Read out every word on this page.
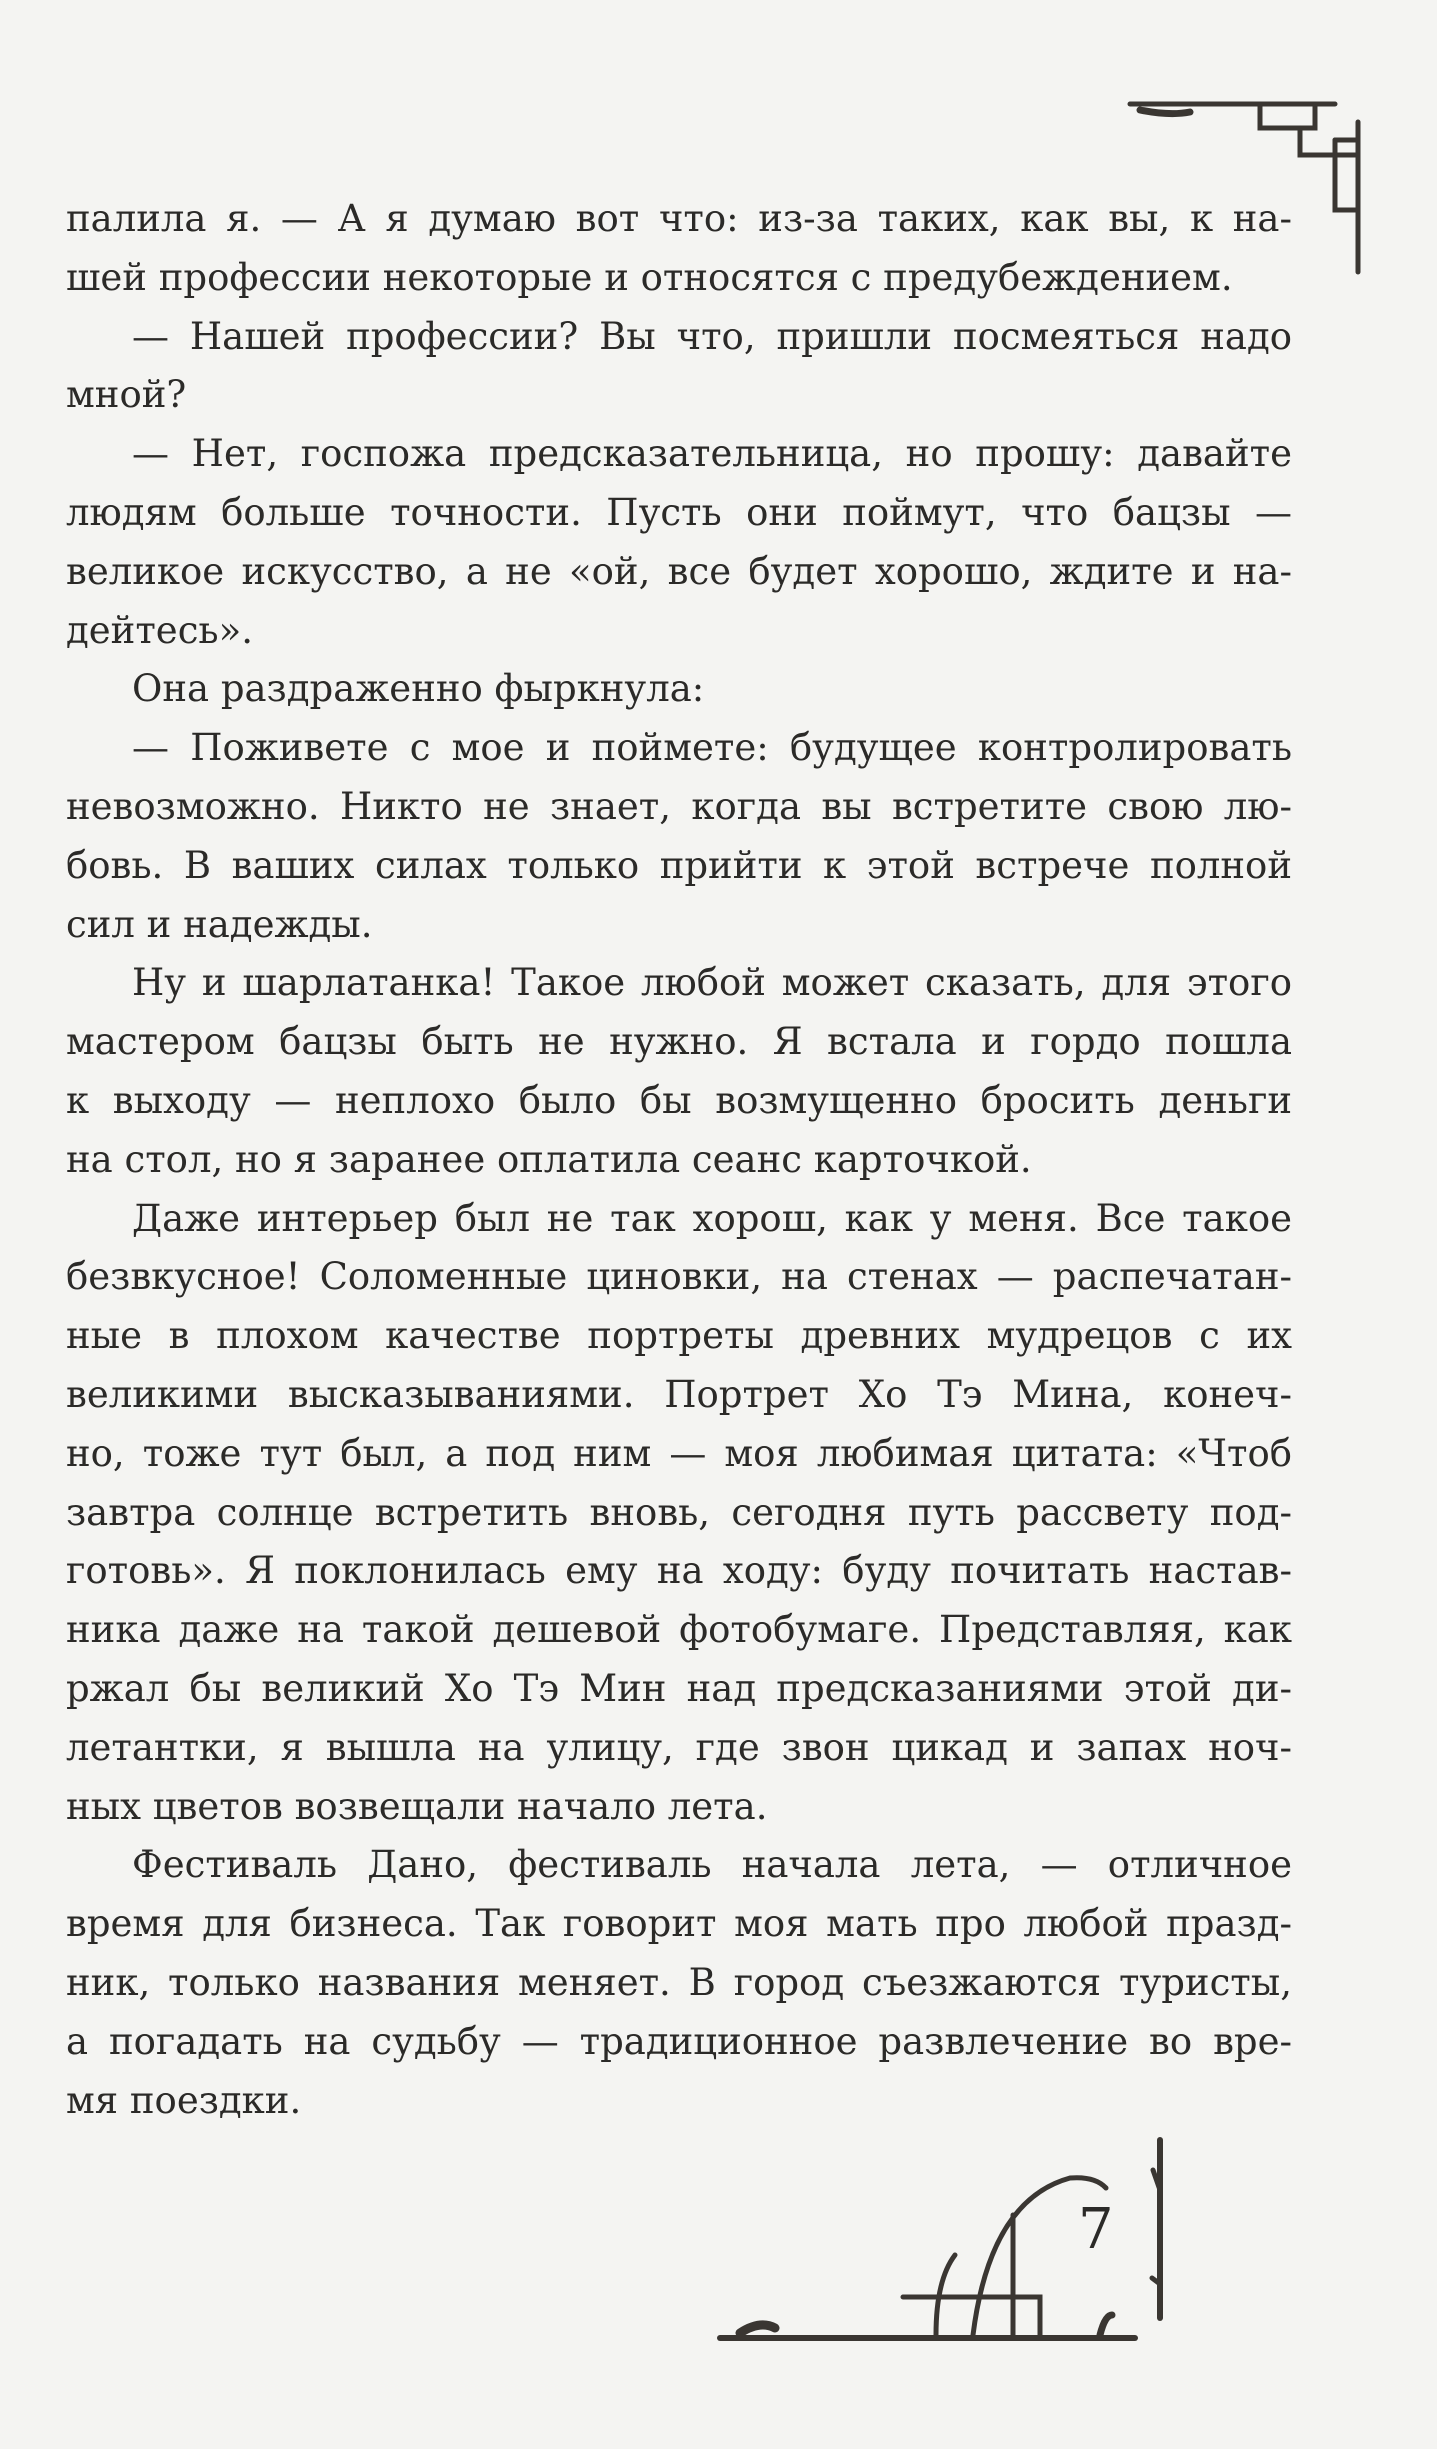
палила я. — А я думаю вот что: из-за таких, как вы, к на-
шей профессии некоторые и относятся с предубеждением.
— Нашей профессии? Вы что, пришли посмеяться надо
мной?
— Нет, госпожа предсказательница, но прошу: давайте
людям больше точности. Пусть они поймут, что бацзы —
великое искусство, а не «ой, все будет хорошо, ждите и на-
дейтесь».
Она раздраженно фыркнула:
— Поживете с мое и поймете: будущее контролировать
невозможно. Никто не знает, когда вы встретите свою лю-
бовь. В ваших силах только прийти к этой встрече полной
сил и надежды.
Ну и шарлатанка! Такое любой может сказать, для этого
мастером бацзы быть не нужно. Я встала и гордо пошла
к выходу — неплохо было бы возмущенно бросить деньги
на стол, но я заранее оплатила сеанс карточкой.
Даже интерьер был не так хорош, как у меня. Все такое
безвкусное! Соломенные циновки, на стенах — распечатан-
ные в плохом качестве портреты древних мудрецов с их
великими высказываниями. Портрет Хо Тэ Мина, конеч-
но, тоже тут был, а под ним — моя любимая цитата: «Чтоб
завтра солнце встретить вновь, сегодня путь рассвету под-
готовь». Я поклонилась ему на ходу: буду почитать настав-
ника даже на такой дешевой фотобумаге. Представляя, как
ржал бы великий Хо Тэ Мин над предсказаниями этой ди-
летантки, я вышла на улицу, где звон цикад и запах ноч-
ных цветов возвещали начало лета.
Фестиваль Дано, фестиваль начала лета, — отличное
время для бизнеса. Так говорит моя мать про любой празд-
ник, только названия меняет. В город съезжаются туристы,
а погадать на судьбу — традиционное развлечение во вре-
мя поездки.
7
